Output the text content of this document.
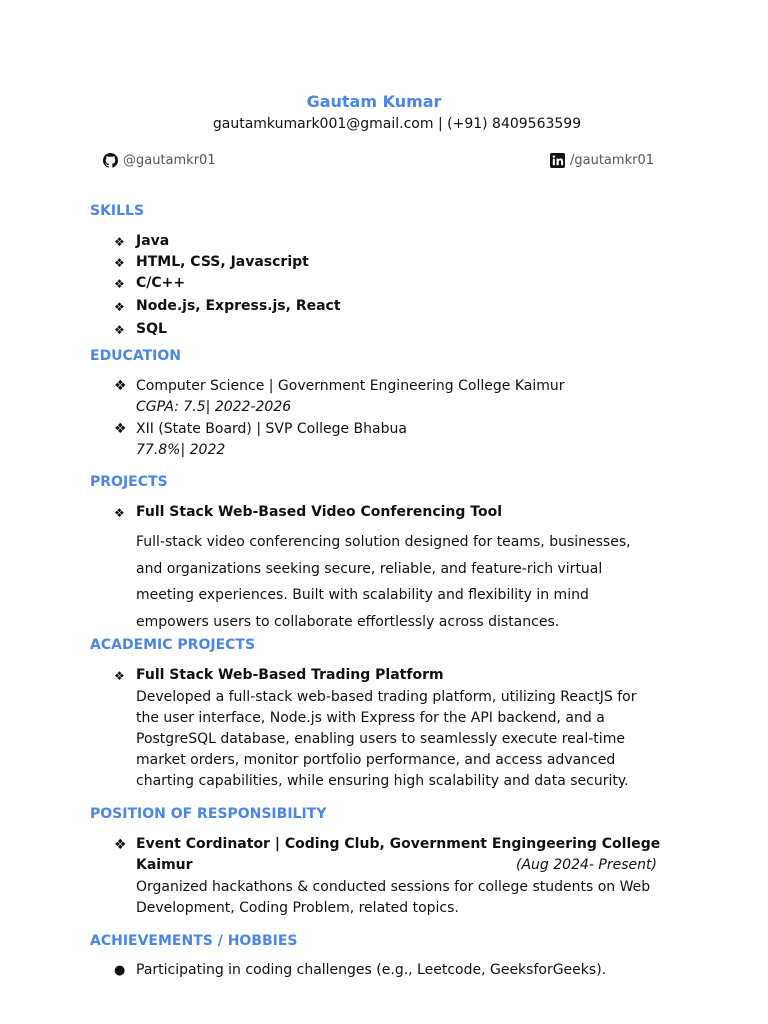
Gautam Kumar
gautamkumark001@gmail.com | (+91) 8409563599
@gautamkr01	/gautamkr01
SKILLS
❖ Java
❖ HTML, CSS, Javascript
❖ C/C++
❖ Node.js, Express.js, React
❖ SQL
EDUCATION
❖ Computer Science | Government Engineering College Kaimur
CGPA: 7.5| 2022-2026
❖ XII (State Board) | SVP College Bhabua
77.8%| 2022
PROJECTS
❖ Full Stack Web-Based Video Conferencing Tool
Full-stack video conferencing solution designed for teams, businesses,
and organizations seeking secure, reliable, and feature-rich virtual
meeting experiences. Built with scalability and flexibility in mind
empowers users to collaborate effortlessly across distances.
ACADEMIC PROJECTS
❖ Full Stack Web-Based Trading Platform
Developed a full-stack web-based trading platform, utilizing ReactJS for
the user interface, Node.js with Express for the API backend, and a
PostgreSQL database, enabling users to seamlessly execute real-time
market orders, monitor portfolio performance, and access advanced
charting capabilities, while ensuring high scalability and data security.
POSITION OF RESPONSIBILITY
❖ Event Cordinator | Coding Club, Government Engingeering College
Kaimur	(Aug 2024- Present)
Organized hackathons & conducted sessions for college students on Web
Development, Coding Problem, related topics.
ACHIEVEMENTS / HOBBIES
● Participating in coding challenges (e.g., Leetcode, GeeksforGeeks).
